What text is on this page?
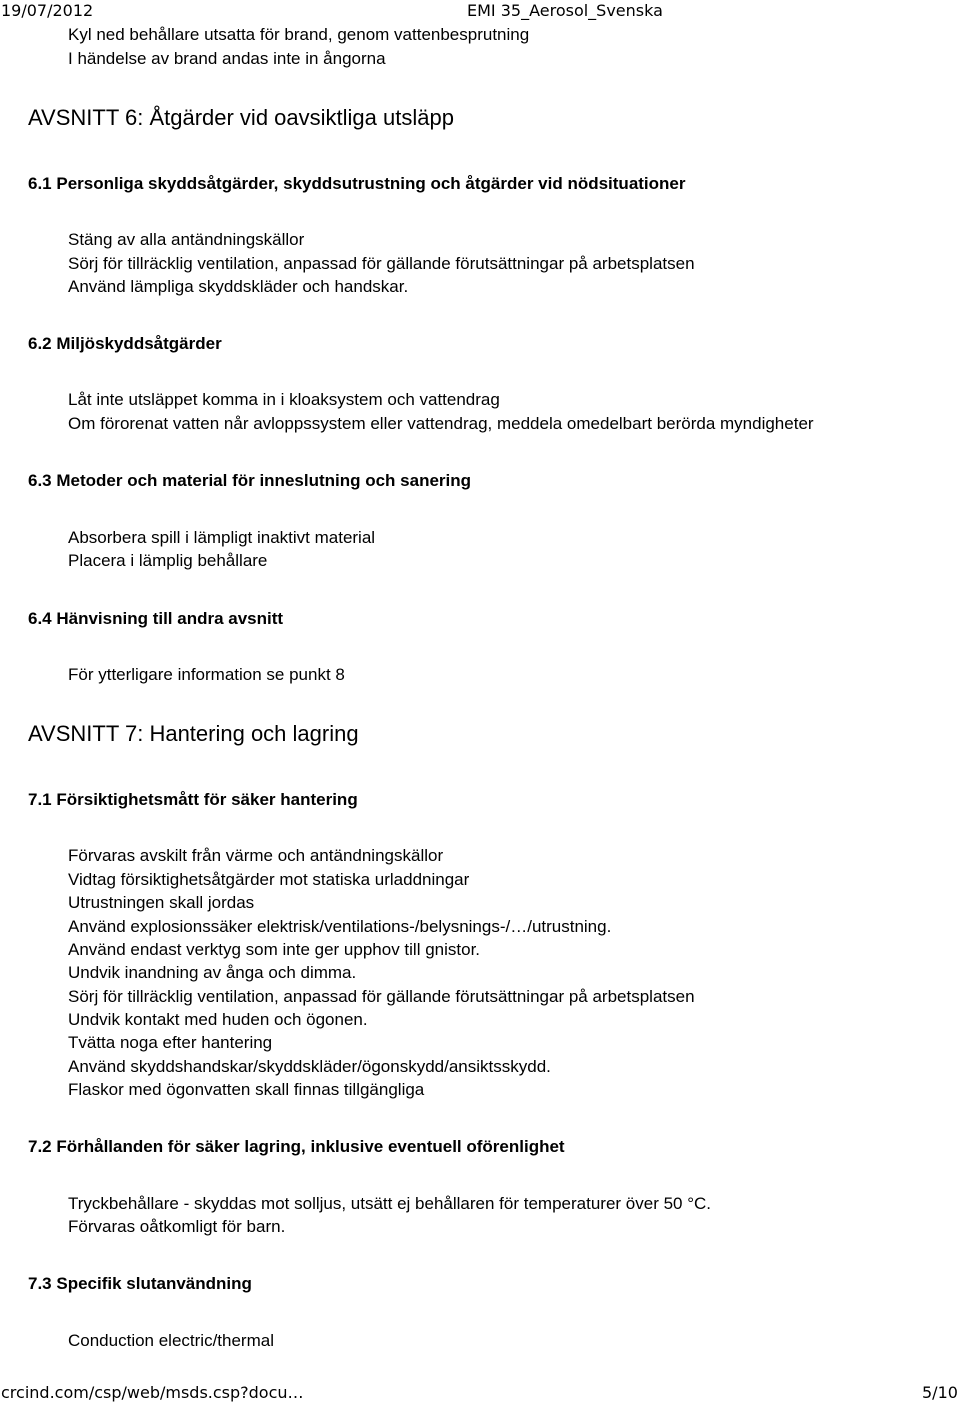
19/07/2012	EMI 35_Aerosol_Svenska
Kyl ned behållare utsatta för brand, genom vattenbesprutning
I händelse av brand andas inte in ångorna
AVSNITT 6: Åtgärder vid oavsiktliga utsläpp
6.1 Personliga skyddsåtgärder, skyddsutrustning och åtgärder vid nödsituationer
Stäng av alla antändningskällor
Sörj för tillräcklig ventilation, anpassad för gällande förutsättningar på arbetsplatsen
Använd lämpliga skyddskläder och handskar.
6.2 Miljöskyddsåtgärder
Låt inte utsläppet komma in i kloaksystem och vattendrag
Om förorenat vatten når avloppssystem eller vattendrag, meddela omedelbart berörda myndigheter
6.3 Metoder och material för inneslutning och sanering
Absorbera spill i lämpligt inaktivt material
Placera i lämplig behållare
6.4 Hänvisning till andra avsnitt
För ytterligare information se punkt 8
AVSNITT 7: Hantering och lagring
7.1 Försiktighetsmått för säker hantering
Förvaras avskilt från värme och antändningskällor
Vidtag försiktighetsåtgärder mot statiska urladdningar
Utrustningen skall jordas
Använd explosionssäker elektrisk/ventilations-/belysnings-/…/utrustning.
Använd endast verktyg som inte ger upphov till gnistor.
Undvik inandning av ånga och dimma.
Sörj för tillräcklig ventilation, anpassad för gällande förutsättningar på arbetsplatsen
Undvik kontakt med huden och ögonen.
Tvätta noga efter hantering
Använd skyddshandskar/skyddskläder/ögonskydd/ansiktsskydd.
Flaskor med ögonvatten skall finnas tillgängliga
7.2 Förhållanden för säker lagring, inklusive eventuell oförenlighet
Tryckbehållare - skyddas mot solljus, utsätt ej behållaren för temperaturer över 50 °C.
Förvaras oåtkomligt för barn.
7.3 Specifik slutanvändning
Conduction electric/thermal
crcind.com/csp/web/msds.csp?docu…	5/10
